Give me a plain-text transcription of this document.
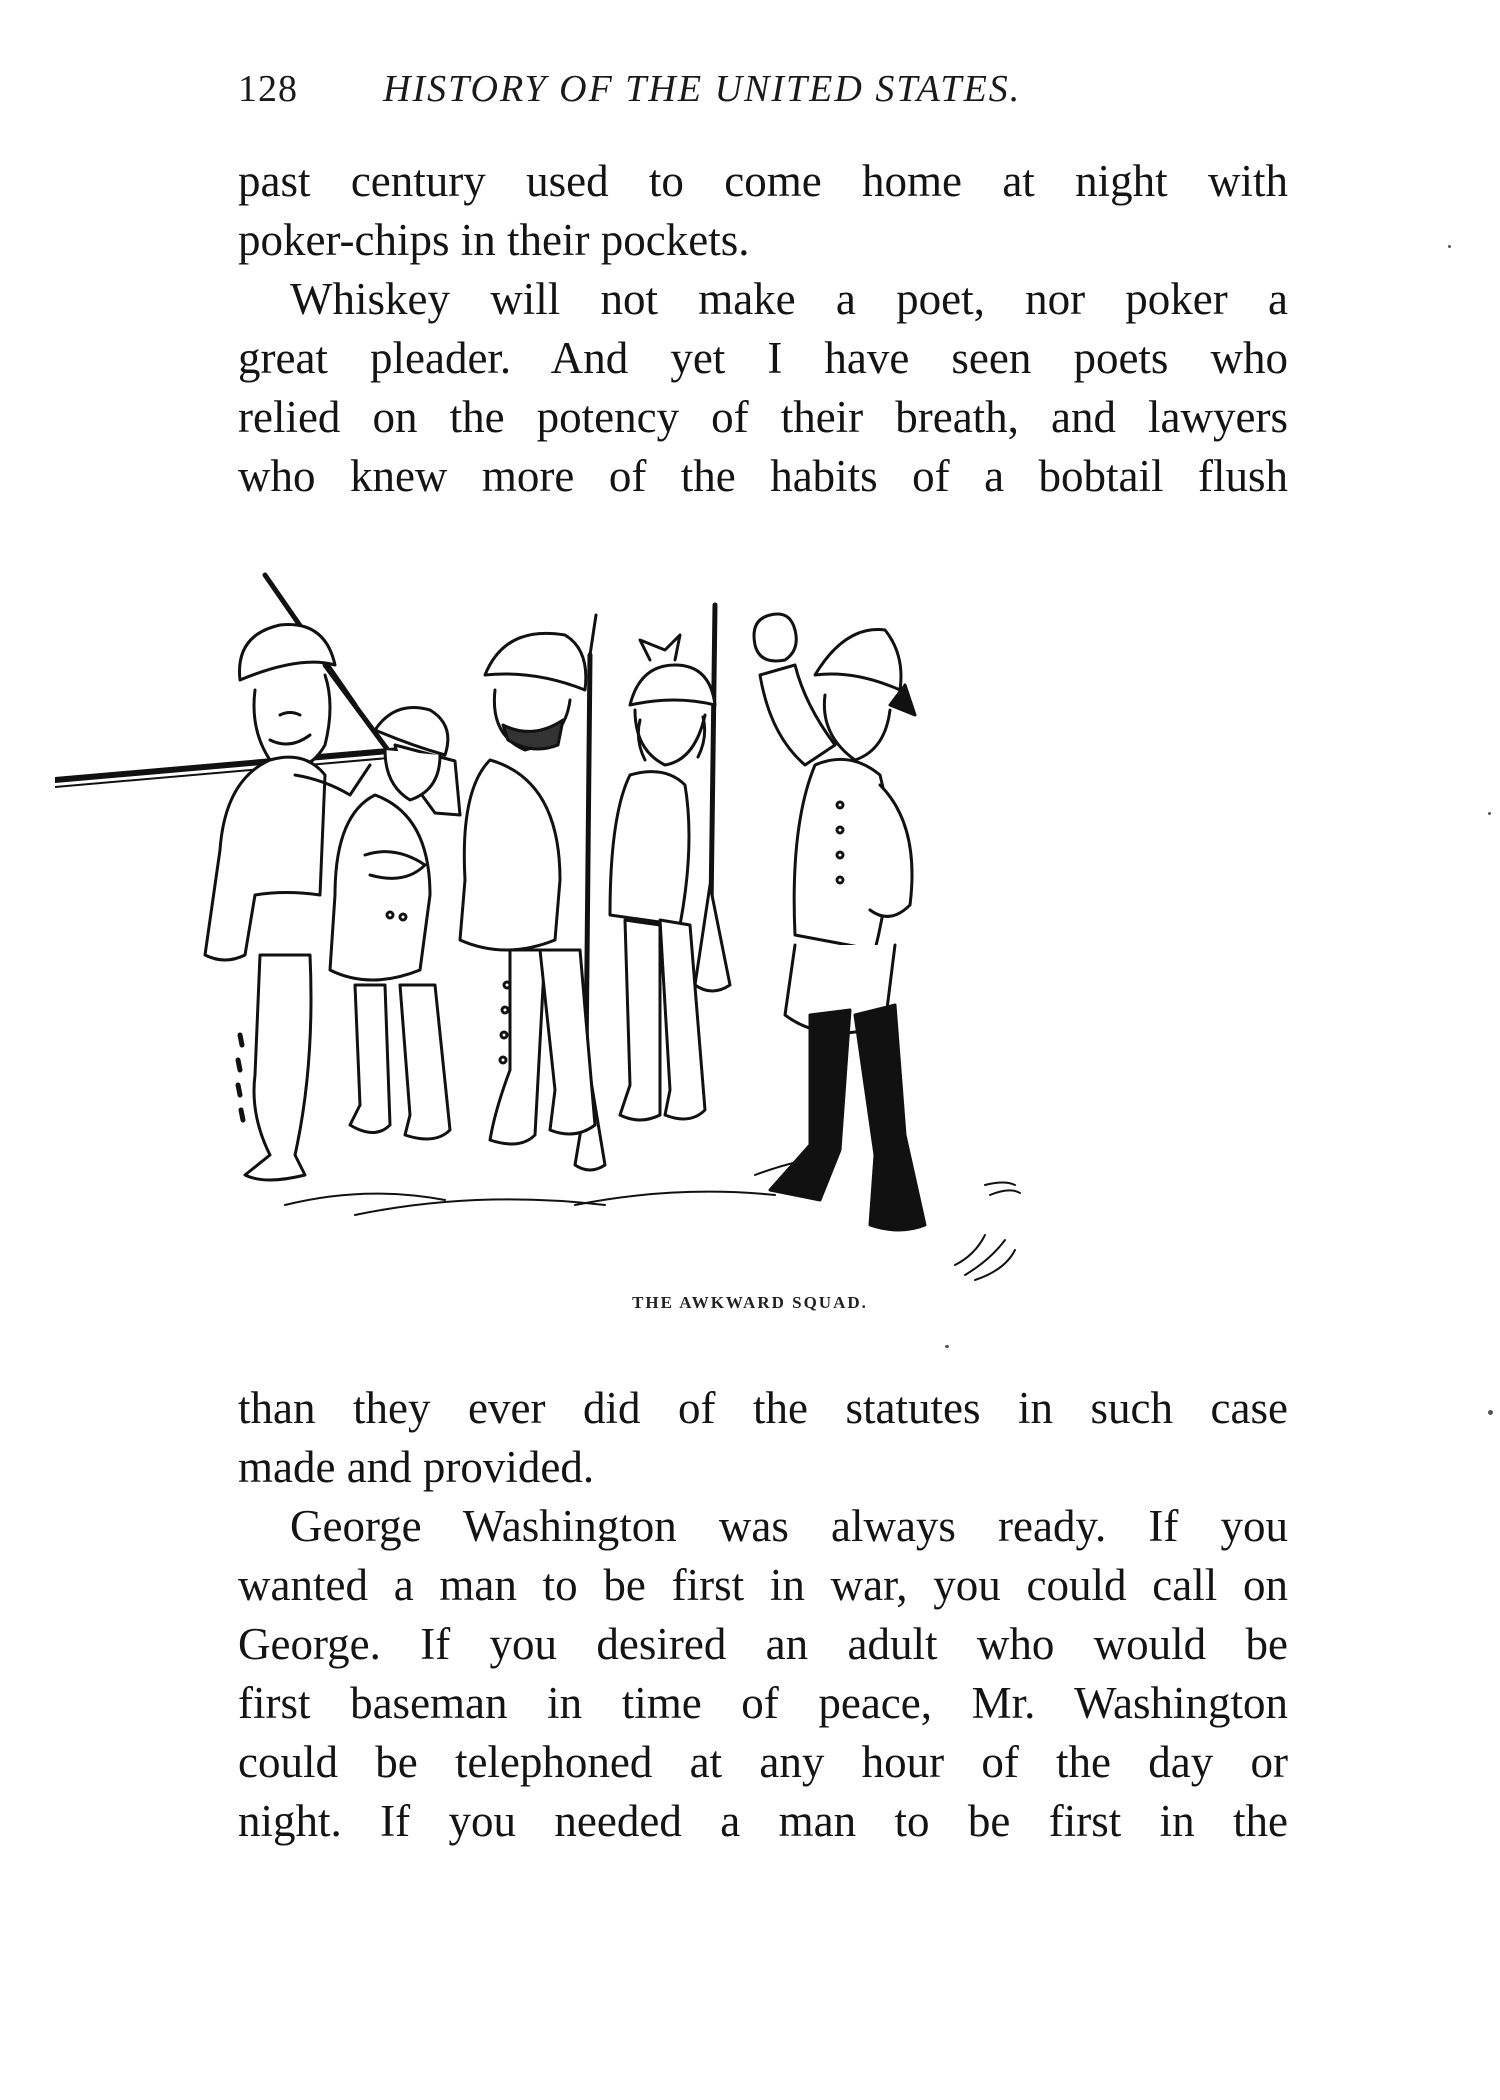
128 HISTORY OF THE UNITED STATES.
past century used to come home at night with
poker-chips in their pockets.
Whiskey will not make a poet, nor poker a
great pleader. And yet I have seen poets who
relied on the potency of their breath, and lawyers
who knew more of the habits of a bobtail flush
THE AWKWARD SQUAD.
than they ever did of the statutes in such case
made and provided.
George Washington was always ready. If you
wanted a man to be first in war, you could call on
George. If you desired an adult who would be
first baseman in time of peace, Mr. Washington
could be telephoned at any hour of the day or
night. If you needed a man to be first in the
